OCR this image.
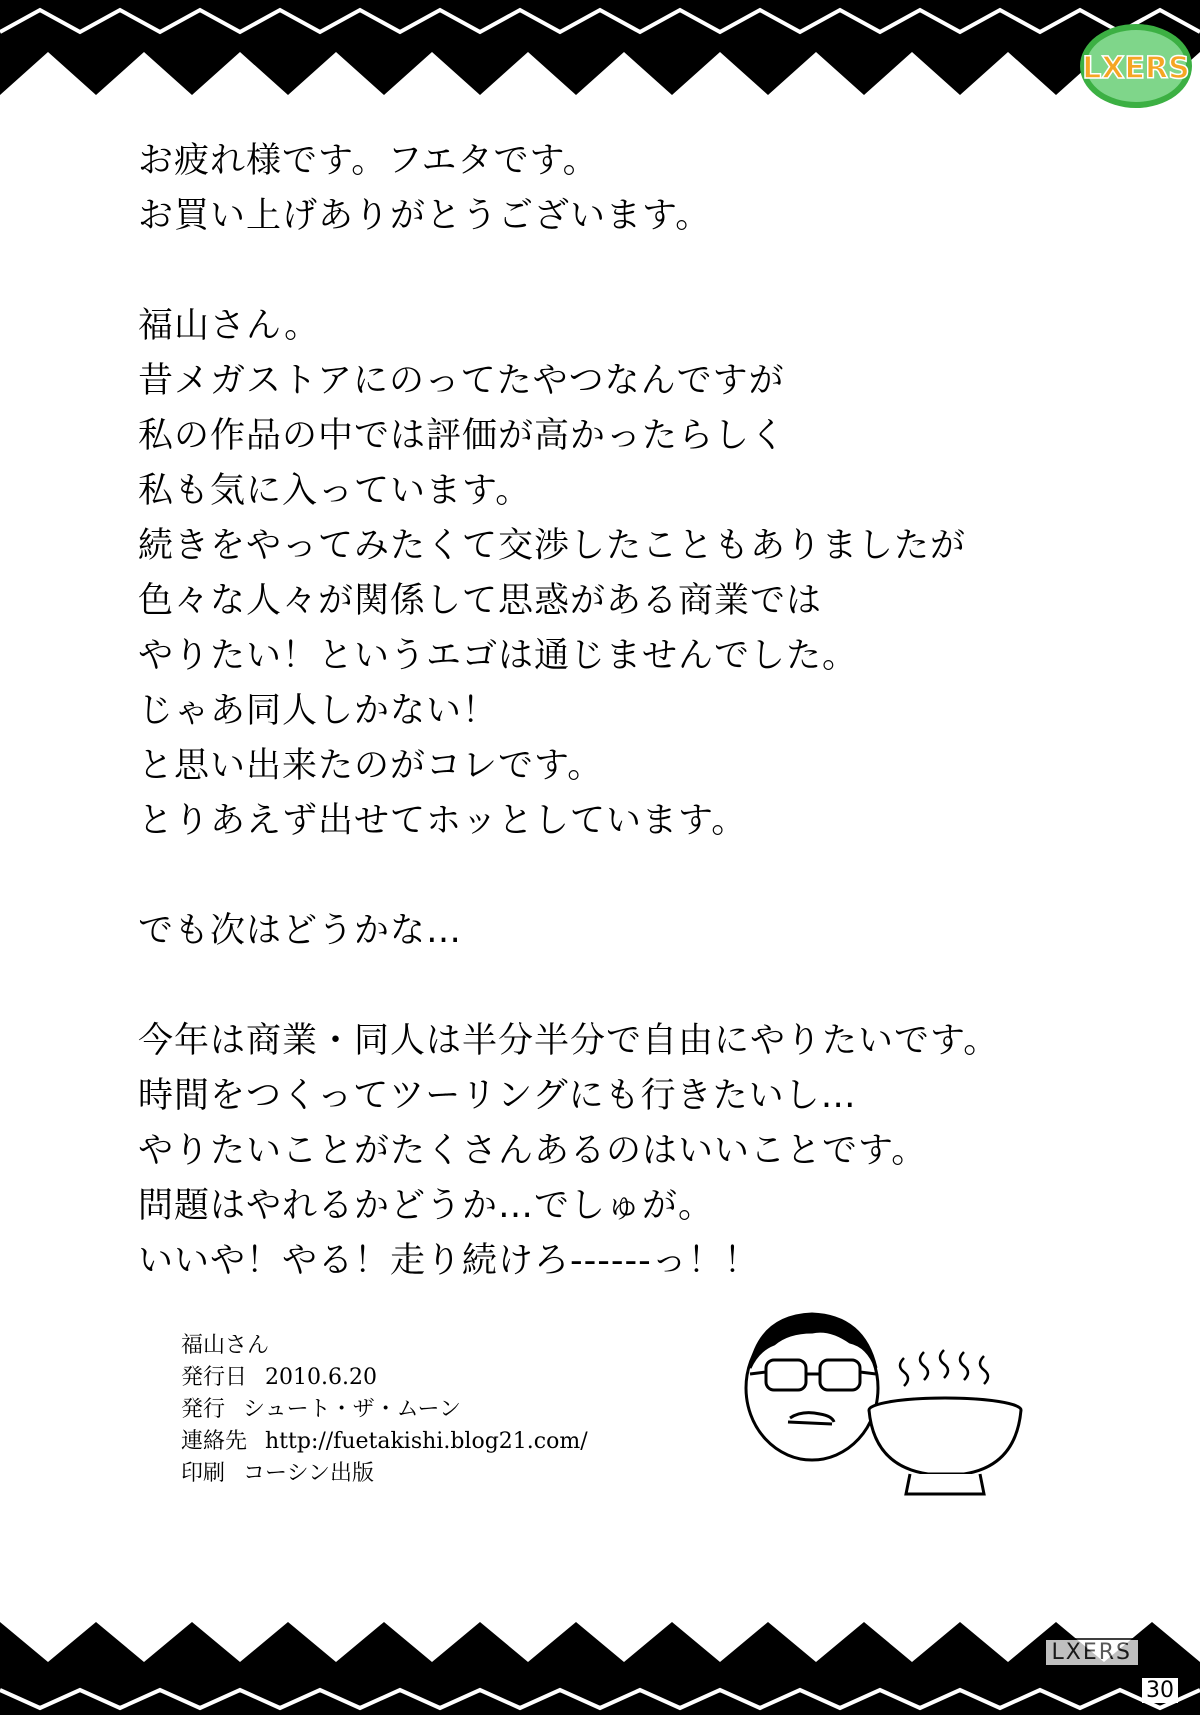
LXERS
お疲れ様です。フエタです。
お買い上げありがとうございます。
福山さん。
昔メガストアにのってたやつなんですが
私の作品の中では評価が高かったらしく
私も気に入っています。
続きをやってみたくて交渉したこともありましたが
色々な人々が関係して思惑がある商業では
やりたい！というエゴは通じませんでした。
じゃあ同人しかない！
と思い出来たのがコレです。
とりあえず出せてホッとしています。
でも次はどうかな…
今年は商業・同人は半分半分で自由にやりたいです。
時間をつくってツーリングにも行きたいし…
やりたいことがたくさんあるのはいいことです。
問題はやれるかどうか…でしゅが。
いいや！やる！走り続けろ------っ！！
福山さん
発行日 2010.6.20
発行 シュート・ザ・ムーン
連絡先 http://fuetakishi.blog21.com/
印刷 コーシン出版
LXERS
30
